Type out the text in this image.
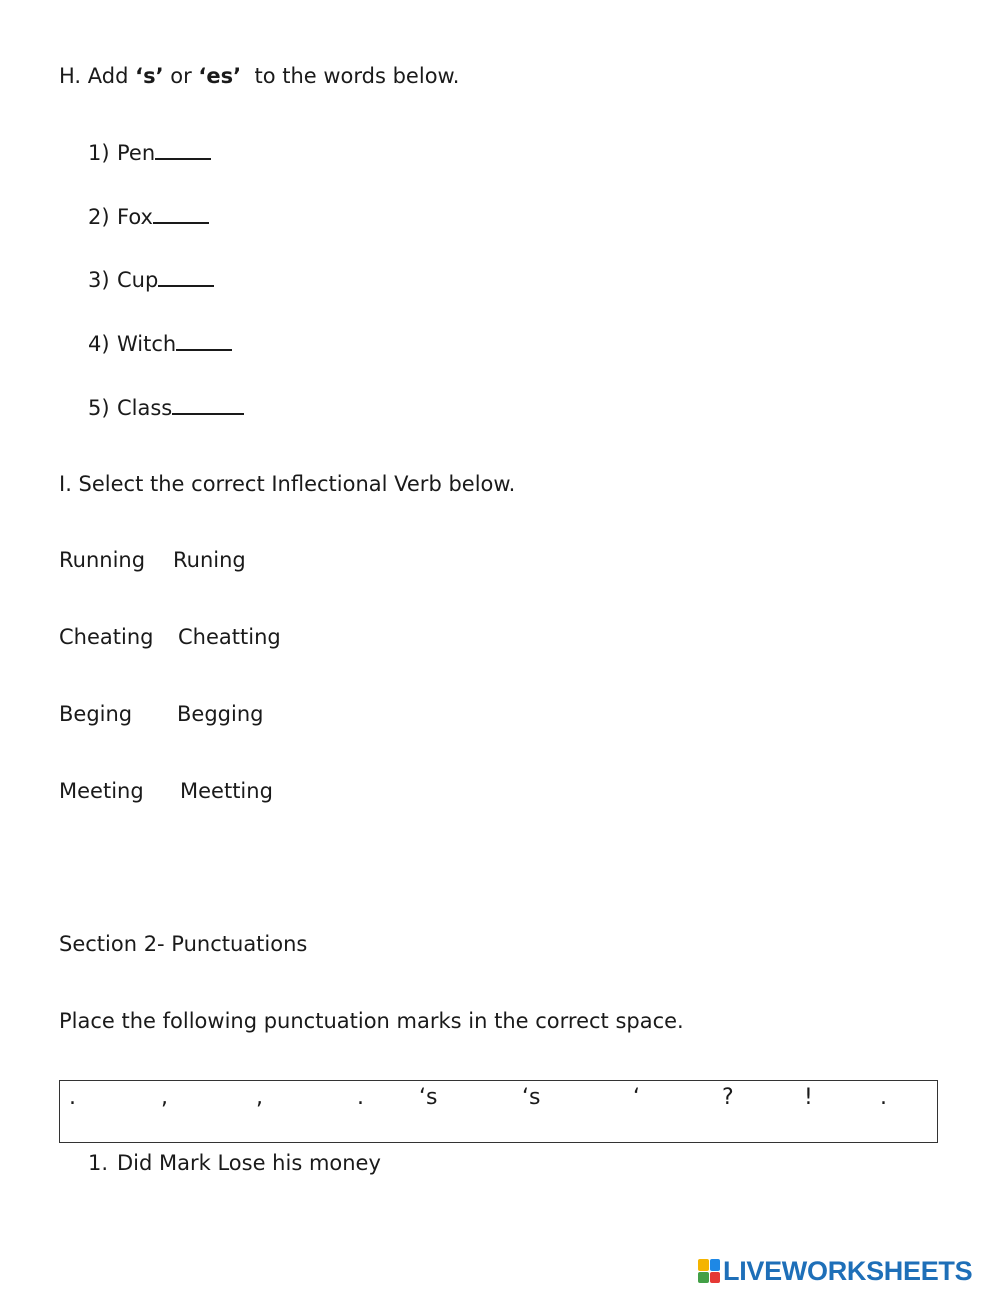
H. Add ‘s’ or ‘es’  to the words below.
1) Pen
2) Fox
3) Cup
4) Witch
5) Class
I. Select the correct Inflectional Verb below.
Running Runing
Cheating Cheatting
Beging Begging
Meeting Meetting
Section 2- Punctuations
Place the following punctuation marks in the correct space.
.	,	,	.	‘s	‘s	‘	?	!	.
1. Did Mark Lose his money
LIVEWORKSHEETS
